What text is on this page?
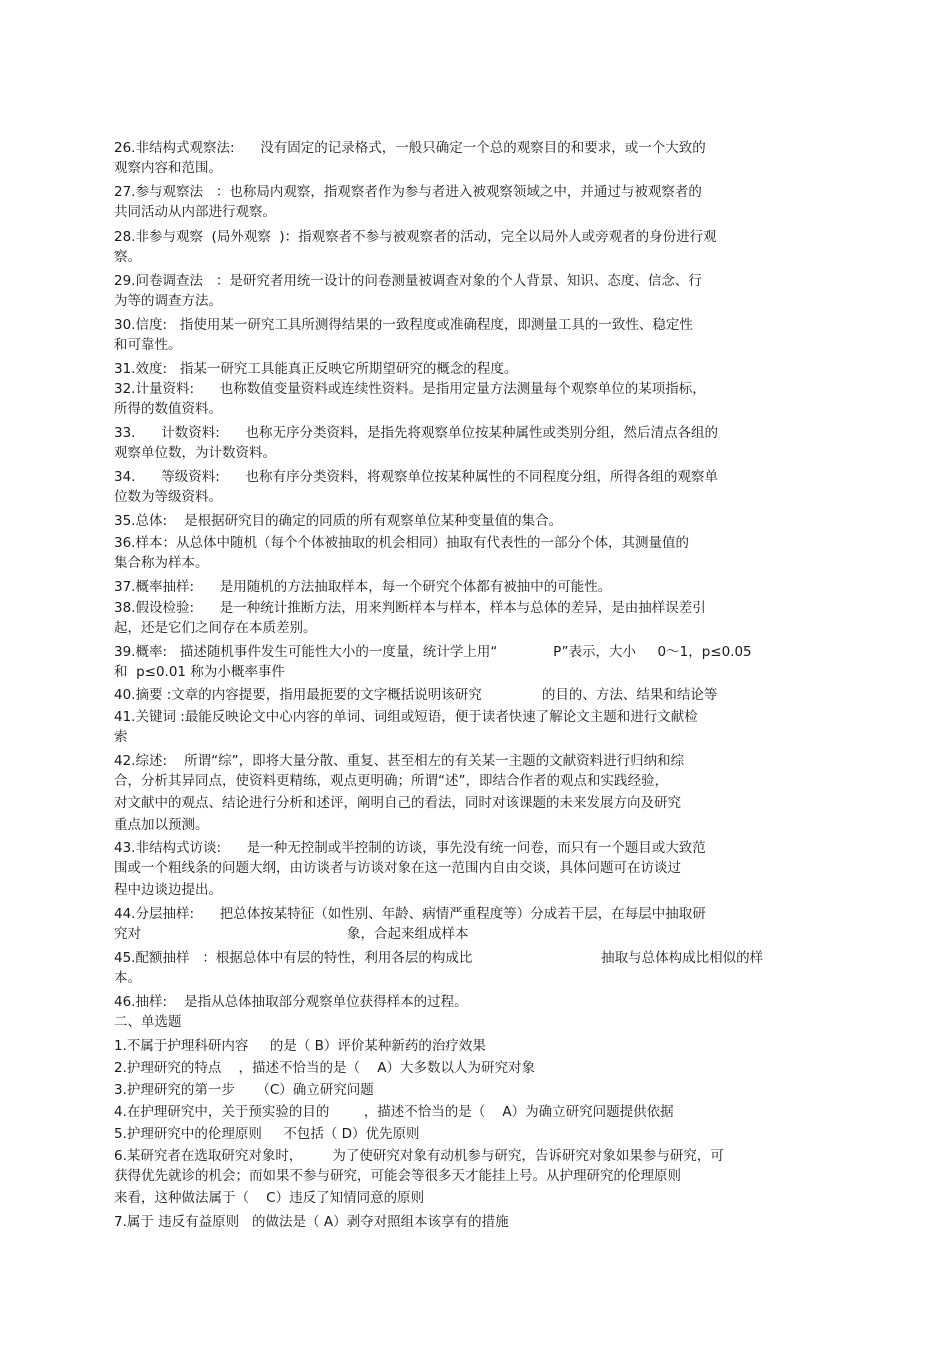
26.非结构式观察法:      没有固定的记录格式，一般只确定一个总的观察目的和要求，或一个大致的
观察内容和范围。
27.参与观察法   ：也称局内观察，指观察者作为参与者进入被观察领域之中，并通过与被观察者的
共同活动从内部进行观察。
28.非参与观察  (局外观察  )：指观察者不参与被观察者的活动，完全以局外人或旁观者的身份进行观
察。
29.问卷调查法   ：是研究者用统一设计的问卷测量被调查对象的个人背景、知识、态度、信念、行
为等的调查方法。
30.信度:   指使用某一研究工具所测得结果的一致程度或准确程度，即测量工具的一致性、稳定性
和可靠性。
31.效度:   指某一研究工具能真正反映它所期望研究的概念的程度。
32.计量资料:      也称数值变量资料或连续性资料。是指用定量方法测量每个观察单位的某项指标，
所得的数值资料。
33.      计数资料:      也称无序分类资料，是指先将观察单位按某种属性或类别分组，然后清点各组的
观察单位数，为计数资料。
34.      等级资料:      也称有序分类资料，将观察单位按某种属性的不同程度分组，所得各组的观察单
位数为等级资料。
35.总体:    是根据研究目的确定的同质的所有观察单位某种变量值的集合。
36.样本：从总体中随机（每个个体被抽取的机会相同）抽取有代表性的一部分个体，其测量值的
集合称为样本。
37.概率抽样:      是用随机的方法抽取样本，每一个研究个体都有被抽中的可能性。
38.假设检验:      是一种统计推断方法，用来判断样本与样本，样本与总体的差异，是由抽样误差引
起，还是它们之间存在本质差别。
39.概率:   描述随机事件发生可能性大小的一度量，统计学上用“             P”表示，大小     0～1，p≤0.05
和  p≤0.01 称为小概率事件
40.摘要 :文章的内容提要，指用最扼要的文字概括说明该研究              的目的、方法、结果和结论等
41.关键词 :最能反映论文中心内容的单词、词组或短语，便于读者快速了解论文主题和进行文献检
索
42.综述:    所谓“综”，即将大量分散、重复、甚至相左的有关某一主题的文献资料进行归纳和综
合，分析其异同点，使资料更精练，观点更明确；所谓“述”，即结合作者的观点和实践经验，
对文献中的观点、结论进行分析和述评，阐明自己的看法，同时对该课题的未来发展方向及研究
重点加以预测。
43.非结构式访谈:      是一种无控制或半控制的访谈，事先没有统一问卷，而只有一个题目或大致范
围或一个粗线条的问题大纲，由访谈者与访谈对象在这一范围内自由交谈，具体问题可在访谈过
程中边谈边提出。
44.分层抽样:      把总体按某特征（如性别、年龄、病情严重程度等）分成若干层，在每层中抽取研
究对                                                象，合起来组成样本
45.配额抽样   ：根据总体中有层的特性，利用各层的构成比                              抽取与总体构成比相似的样
本。
46.抽样:    是指从总体抽取部分观察单位获得样本的过程。
二、单选题
1.不属于护理科研内容     的是（ B）评价某种新药的治疗效果
2.护理研究的特点    ，描述不恰当的是（    A）大多数以人为研究对象
3.护理研究的第一步     （C）确立研究问题
4.在护理研究中，关于预实验的目的        ，描述不恰当的是（    A）为确立研究问题提供依据
5.护理研究中的伦理原则     不包括（ D）优先原则
6.某研究者在选取研究对象时，       为了使研究对象有动机参与研究，告诉研究对象如果参与研究，可
获得优先就诊的机会；而如果不参与研究，可能会等很多天才能挂上号。从护理研究的伦理原则
来看，这种做法属于（    C）违反了知情同意的原则
7.属于 违反有益原则   的做法是（ A）剥夺对照组本该享有的措施
